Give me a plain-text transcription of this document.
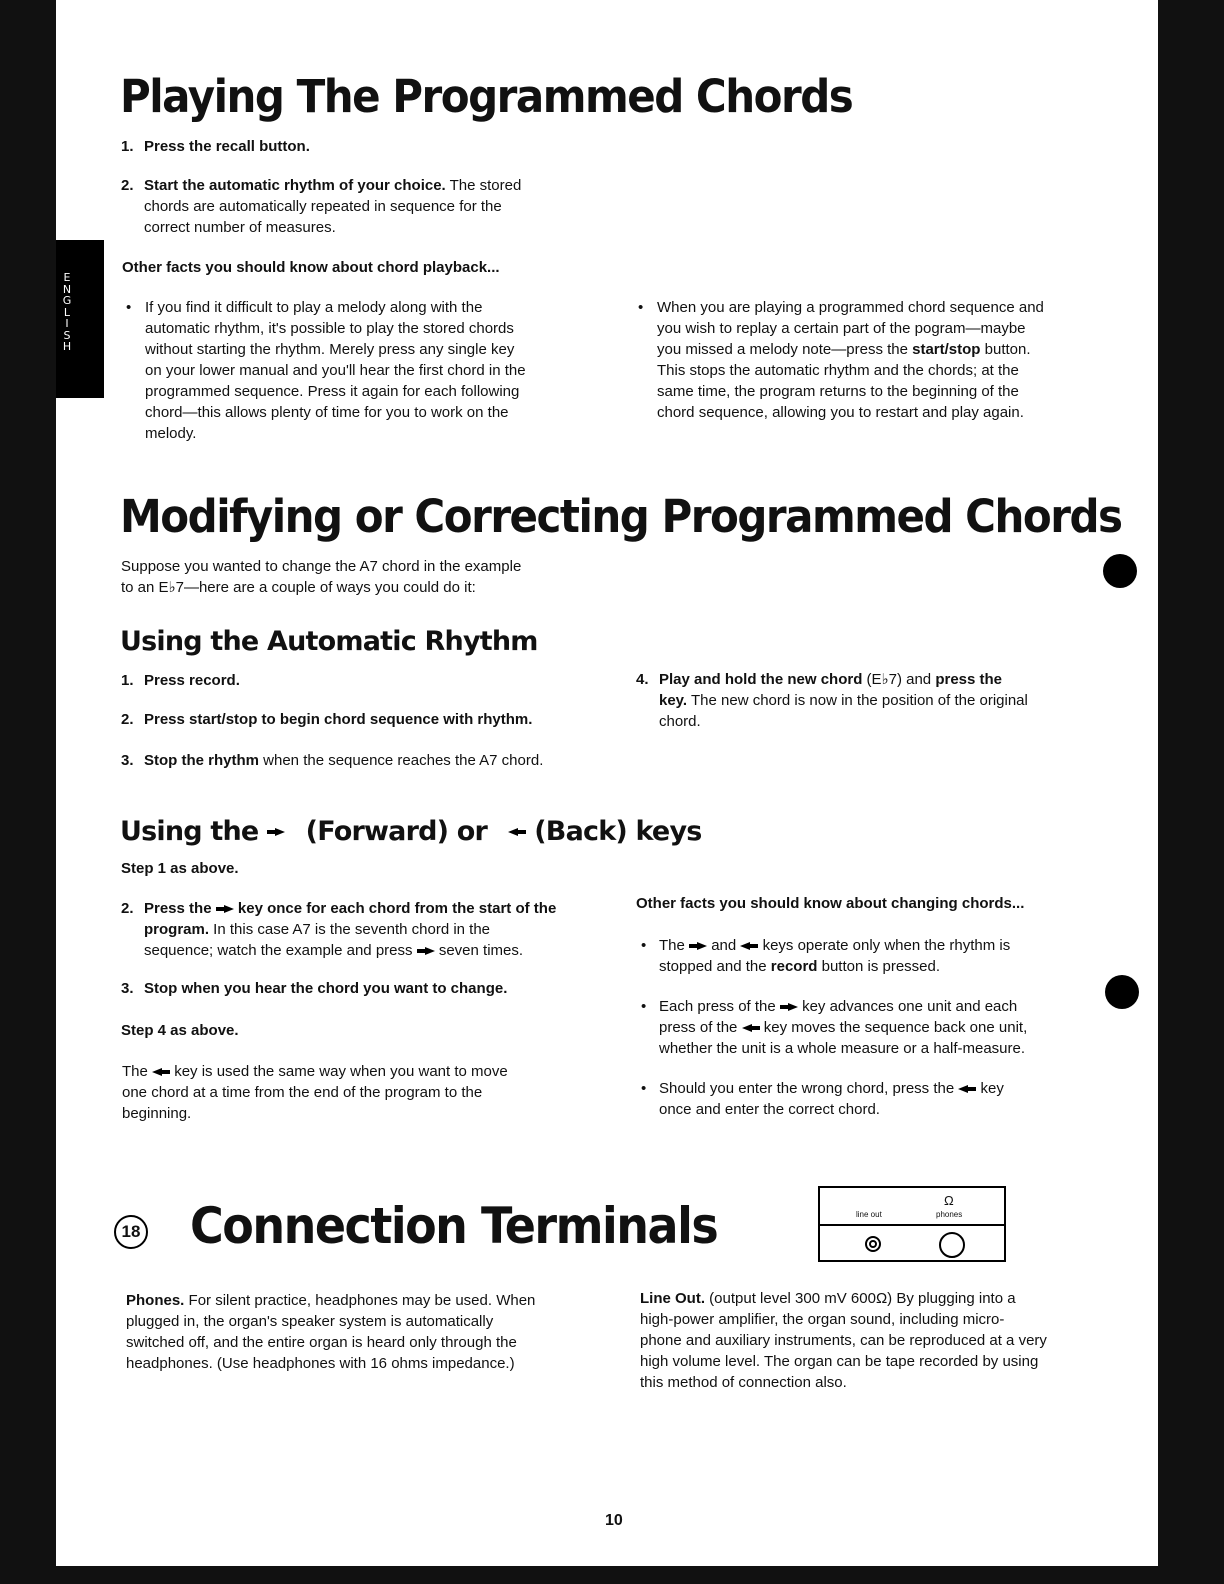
E
N
G
L
I
S
H
Playing The Programmed Chords
1. Press the recall button.
2. Start the automatic rhythm of your choice. The stored
chords are automatically repeated in sequence for the
correct number of measures.
Other facts you should know about chord playback...
• If you find it difficult to play a melody along with the
automatic rhythm, it's possible to play the stored chords
without starting the rhythm. Merely press any single key
on your lower manual and you'll hear the first chord in the
programmed sequence. Press it again for each following
chord—this allows plenty of time for you to work on the
melody.
• When you are playing a programmed chord sequence and
you wish to replay a certain part of the pogram—maybe
you missed a melody note—press the start/stop button.
This stops the automatic rhythm and the chords; at the
same time, the program returns to the beginning of the
chord sequence, allowing you to restart and play again.
Modifying or Correcting Programmed Chords
Suppose you wanted to change the A7 chord in the example
to an E♭7—here are a couple of ways you could do it:
Using the Automatic Rhythm
1. Press record.
2. Press start/stop to begin chord sequence with rhythm.
3. Stop the rhythm when the sequence reaches the A7 chord.
4. Play and hold the new chord (E♭7) and press the
key. The new chord is now in the position of the original
chord.
Using the (Forward) or (Back) keys
Step 1 as above.
2. Press the key once for each chord from the start of the
program. In this case A7 is the seventh chord in the
sequence; watch the example and press seven times.
3. Stop when you hear the chord you want to change.
Step 4 as above.
The key is used the same way when you want to move
one chord at a time from the end of the program to the
beginning.
Other facts you should know about changing chords...
• The and keys operate only when the rhythm is
stopped and the record button is pressed.
• Each press of the key advances one unit and each
press of the key moves the sequence back one unit,
whether the unit is a whole measure or a half-measure.
• Should you enter the wrong chord, press the key
once and enter the correct chord.
18 Connection Terminals	line out	phones
Ω
Phones. For silent practice, headphones may be used. When
plugged in, the organ's speaker system is automatically
switched off, and the entire organ is heard only through the
headphones. (Use headphones with 16 ohms impedance.)
Line Out. (output level 300 mV 600Ω) By plugging into a
high-power amplifier, the organ sound, including micro-
phone and auxiliary instruments, can be reproduced at a very
high volume level. The organ can be tape recorded by using
this method of connection also.
10
